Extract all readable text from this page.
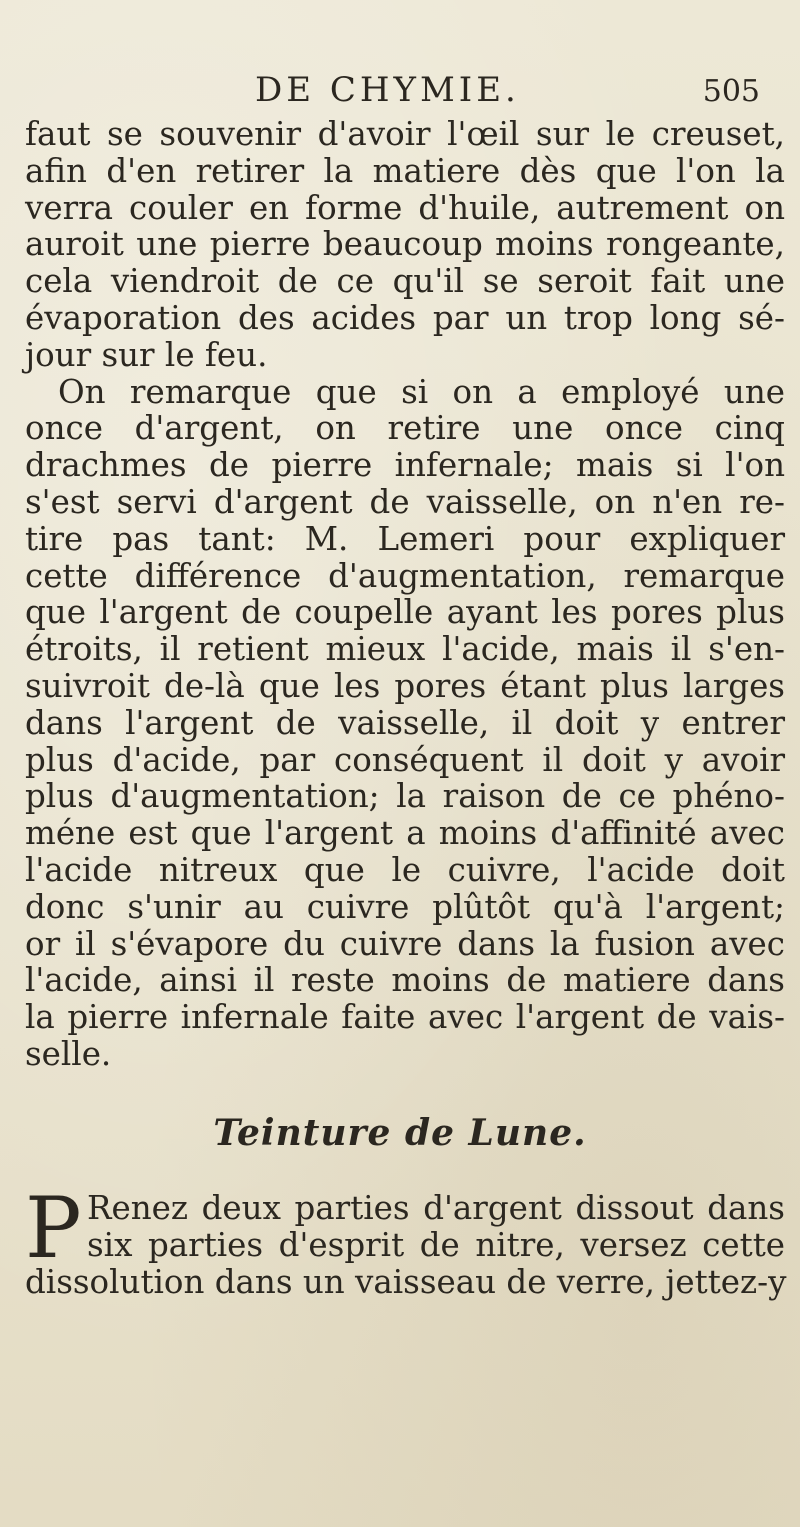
DE CHYMIE.	505
faut se souvenir d'avoir l'œil sur le creuset,
afin d'en retirer la matiere dès que l'on la
verra couler en forme d'huile, autrement on
auroit une pierre beaucoup moins rongeante,
cela viendroit de ce qu'il se seroit fait une
évaporation des acides par un trop long sé-
jour sur le feu.
On remarque que si on a employé une
once d'argent, on retire une once cinq
drachmes de pierre infernale; mais si l'on
s'est servi d'argent de vaisselle, on n'en re-
tire pas tant: M. Lemeri pour expliquer
cette différence d'augmentation, remarque
que l'argent de coupelle ayant les pores plus
étroits, il retient mieux l'acide, mais il s'en-
suivroit de-là que les pores étant plus larges
dans l'argent de vaisselle, il doit y entrer
plus d'acide, par conséquent il doit y avoir
plus d'augmentation; la raison de ce phéno-
méne est que l'argent a moins d'affinité avec
l'acide nitreux que le cuivre, l'acide doit
donc s'unir au cuivre plûtôt qu'à l'argent;
or il s'évapore du cuivre dans la fusion avec
l'acide, ainsi il reste moins de matiere dans
la pierre infernale faite avec l'argent de vais-
selle.
Teinture de Lune.
P Renez deux parties d'argent dissout dans
six parties d'esprit de nitre, versez cette
dissolution dans un vaisseau de verre, jettez-y
